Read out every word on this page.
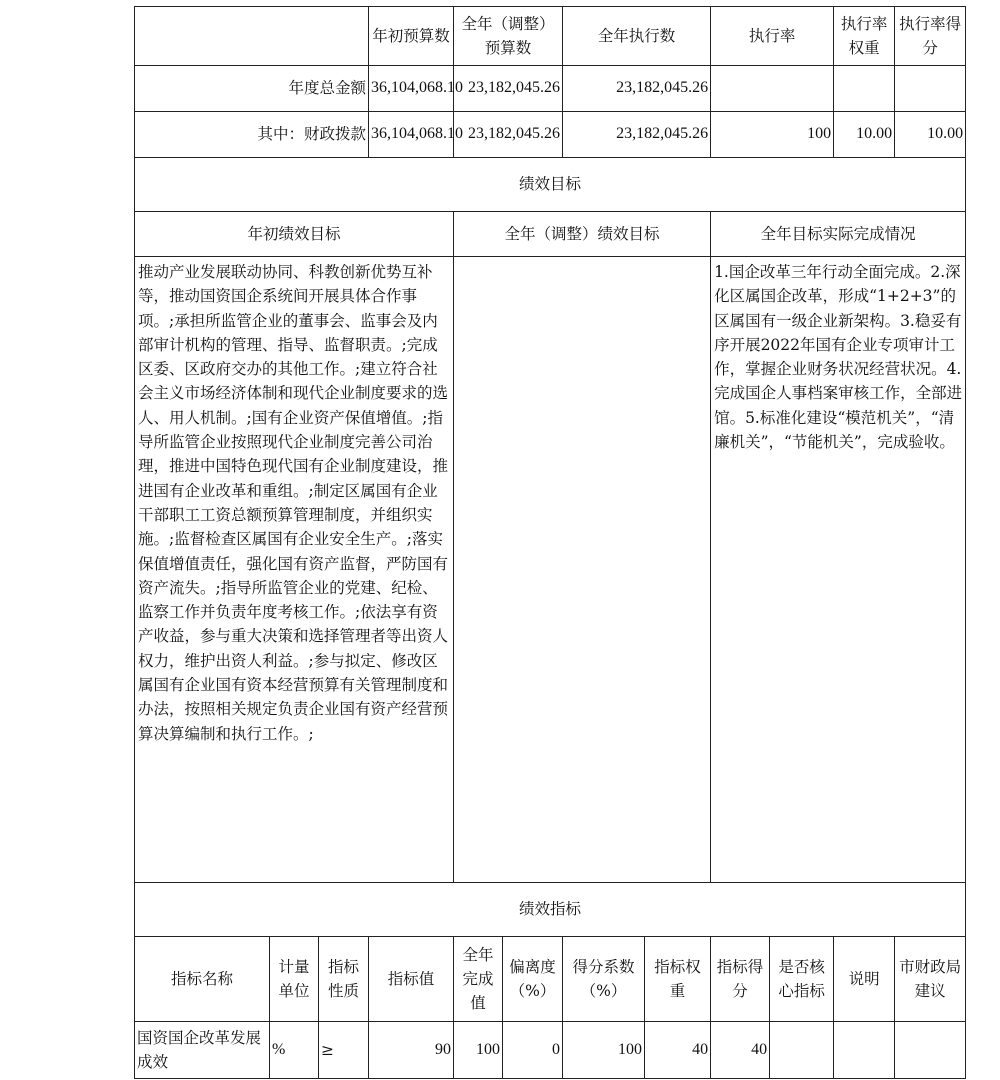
			年初预算数	全年（调整）预算数		全年执行数		执行率		执行率权重	执行率得分
年度总金额			36,104,068.10	23,182,045.26		23,182,045.26					
其中：财政拨款			36,104,068.10	23,182,045.26		23,182,045.26		100		10.00	10.00
绩效目标											
年初绩效目标				全年（调整）绩效目标				全年目标实际完成情况			
推动产业发展联动协同、科教创新优势互补等，推动国资国企系统间开展具体合作事项。;承担所监管企业的董事会、监事会及内部审计机构的管理、指导、监督职责。;完成区委、区政府交办的其他工作。;建立符合社会主义市场经济体制和现代企业制度要求的选人、用人机制。;国有企业资产保值增值。;指导所监管企业按照现代企业制度完善公司治理，推进中国特色现代国有企业制度建设，推进国有企业改革和重组。;制定区属国有企业干部职工工资总额预算管理制度，并组织实施。;监督检查区属国有企业安全生产。;落实保值增值责任，强化国有资产监督，严防国有资产流失。;指导所监管企业的党建、纪检、监察工作并负责年度考核工作。;依法享有资产收益，参与重大决策和选择管理者等出资人权力，维护出资人利益。;参与拟定、修改区属国有企业国有资本经营预算有关管理制度和办法，按照相关规定负责企业国有资产经营预算决算编制和执行工作。;								1.国企改革三年行动全面完成。2.深化区属国企改革，形成“1+2+3”的区属国有一级企业新架构。3.稳妥有序开展2022年国有企业专项审计工作，掌握企业财务状况经营状况。4.完成国企人事档案审核工作，全部进馆。5.标准化建设“模范机关”，“清廉机关”，“节能机关”，完成验收。			
绩效指标											
指标名称	计量单位	指标性质	指标值	全年完成值	偏离度（%）	得分系数（%）	指标权重	指标得分	是否核心指标	说明	市财政局建议
国资国企改革发展成效	%	≥	90	100	0	100	40	40			
